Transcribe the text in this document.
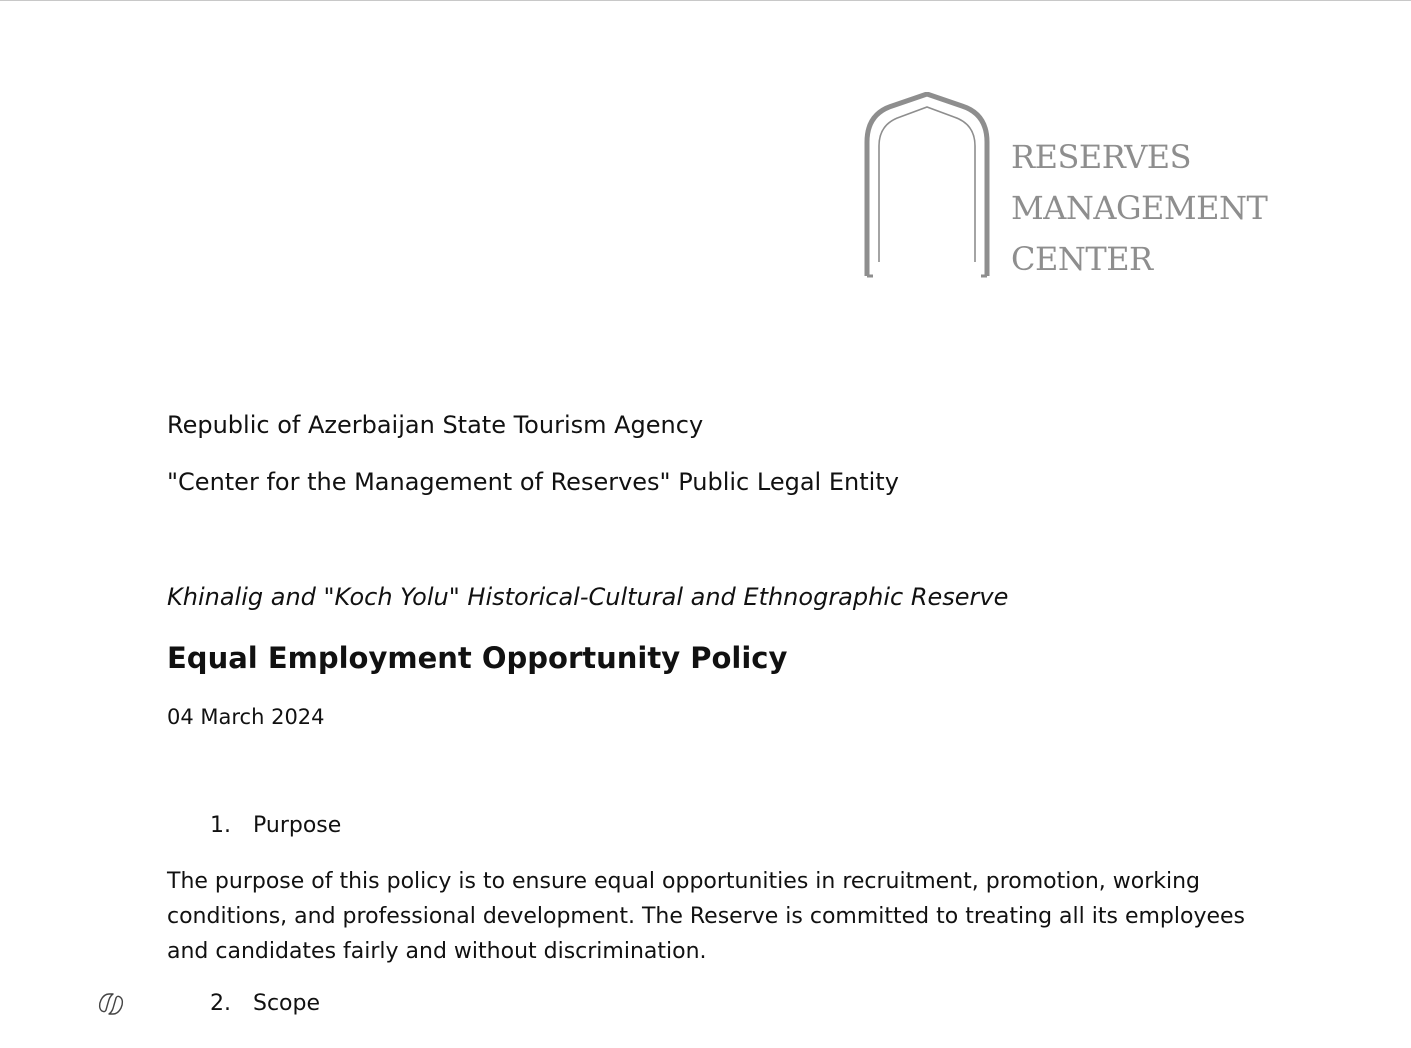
RESERVES
MANAGEMENT
CENTER
Republic of Azerbaijan State Tourism Agency
"Center for the Management of Reserves" Public Legal Entity
Khinalig and "Koch Yolu" Historical-Cultural and Ethnographic Reserve
Equal Employment Opportunity Policy
04 March 2024
1. Purpose
The purpose of this policy is to ensure equal opportunities in recruitment, promotion, working conditions, and professional development. The Reserve is committed to treating all its employees and candidates fairly and without discrimination.
2. Scope
